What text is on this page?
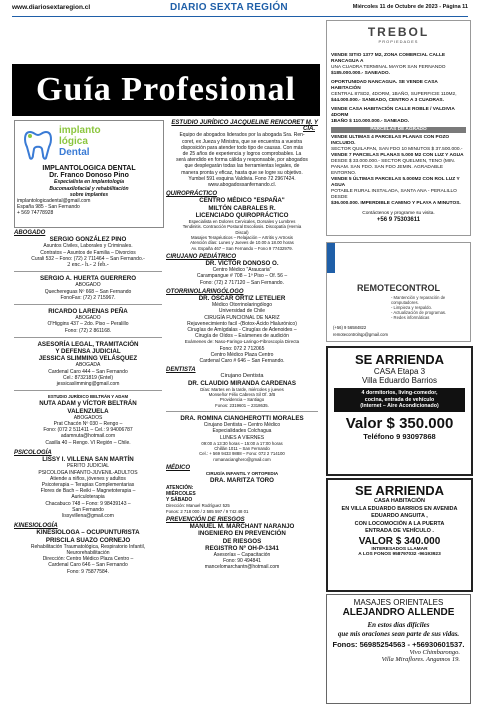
www.diariosextaregion.cl	DIARIO SEXTA REGIÓN	Miércoles 11 de Octubre de 2023 - Página 11
Guía Profesional
implanto
lógica
Dental
IMPLANTOLOGICA DENTAL
Dr. Franco Donoso Pino
Especialista en implantología
Bucomaxilofacial y rehabilitación
sobre implantes
implantologicadental@gmail.com
España 985 - San Fernando
+ 569 74778928
ABOGADO
SERGIO GONZÁLEZ PINO
Asuntos Civiles, Laborales y Criminales.
Contratos – Asuntos de Familia – Divorcios
Curali 532 – Fono: (72) 2 711464 – San Fernando.-
2 enc.- h.- 2 feb.-
SERGIO A. HUERTA GUERRERO
ABOGADO
Quechereguas Nº 668 – San Fernando
FonoFax: (72) 2 715967.
RICARDO LARENAS PEÑA
ABOGADO
O'Higgins 437 – 2do. Piso – Peralillo
Fono: (72) 2 861168.
ASESORÍA LEGAL, TRAMITACIÓN
Y DEFENSA JUDICIAL
JESSICA SLIMMING VELÁSQUEZ
ABOGADA
Cardenal Caro 444 – San Fernando
Cel.: 87321819 (Entel)
jessicaslimming@gmail.com
ESTUDIO JURÍDICO BELTRÁN Y ADAM
NUTA ADAM y VÍCTOR BELTRÁN
VALENZUELA
ABOGADOS
Prat Chacón Nº 030 – Rengo –
Fono: (072 2 511411 – Cel.: 9 94006787
adamnuta@hotmail.com
Casilla 40 – Rengo. VI Región – Chile.
PSICOLOGÍA
LISSY I. VILLENA SAN MARTÍN
PERITO JUDICIAL
PSICOLOGA INFANTO-JUVENIL-ADULTOS
Atiende a niños, jóvenes y adultos
Psicoterapia – Terapias Complementarias
Flores de Bach – Reiki – Magnetoterapia –
Auriculoterapia
Chacabuco 748 – Fono: 9 98439143 –
San Fernando
lissyvillena@gmail.com
KINESIOLOGÍA
KINESIOLOGA – OCUPUNTURISTA
PRISCILA SUAZO CORNEJO
Rehabilitación Traumatológica, Respiratorio Infantil,
Neurorehabilitación
Dirección: Centro Médico Plaza Centro –
Cardenal Caro 646 – San Fernando
Fono: 9 75877584.
ESTUDIO JURÍDICO JACQUELINE RENCORET M. Y CÍA.
Equipo de abogados liderados por la abogada Sra. Ren-
coret, ex Jueza y Ministra, que se encuentra a vuestra
disposición para atender todo tipo de causas. Con más
de 25 años de experiencia y logros comprobables. La
será atendido en forma cálida y responsable, por abogados
que desplegarán todas las herramientas legales, de
manera pronta y eficaz, hasta que se logre su objetivo.
Yumbel 591 esquina Valdivia. Fono 72 2967424.
www.abogadossanfernando.cl.
QUIROPRÁCTICO
CENTRO MÉDICO "ESPAÑA"
MILTÓN CABRALES R.
LICENCIADO QUIROPRÁCTICO
Especialista en Dolores Cervicales, Dorsales y Lumbres
Tendinitis. Contracción Postural Escoliosis. Discopatía (Hernia
Discal)
Masajes Terapéuticos – Relajación – Artritis y Artrosis
Atención días: Lunes y Jueves de 10.00 a 18.00 horas
Av. España 467 – San Fernando – Fono 9 77432979.
CIRUJANO PEDIÁTRICO
DR. VÍCTOR DONOSO O.
Centro Médico "Araucaria"
Carampangue # 708 – 1º Piso – Of. 56 –
Fono: (72) 2 717120 – San Fernando.
OTORRINOLARINGÓLOGO
DR. ÓSCAR ORTIZ LETELIER
Médico Otorrinolaringólogo
Universidad de Chile
CIRUGÍA FUNCIONAL DE NARIZ
Rejuvenecimiento facil -(Botox-Ácido Hialurónico)
Cirugías de Amígdalas - Cirugías de Adenoides –
Cirugía de Oídos – Exámenes de audición
Exámenes de: Naso-Faringo-Laringo-Fibroscopía Directa
Fono: 072 2 712065
Centro Médico Plaza Centro
Cardenal Caro # 646 – San Fernando.
DENTISTA
Cirujano Dentista
DR. CLAUDIO MIRANDA CARDENAS
Días: Martes en la tarde, miércoles y jueves
Monseñor Félix Cabrera Sil Of. 3/B
Providencia – Santiago
Fonos: 2319601 – 2318635.
DRA. ROMINA CIANGHEROTTI MORALES
Cirujano Dentista – Centro Médico
Especialidades Colchagua
LUNES A VIERNES
09:00 a 13:30 horas – 15:00 a 17:00 horas
Chillán 1011 – San Fernando
Cel.: + 569 9433 9888 – Fono: 072 2 714100
romanacianghero@gmail.com
MÉDICO
CIRUGÍA INFANTIL Y ORTOPEDIA
DRA. MARITZA TORO
ATENCIÓN:
MIÉRCOLES
Y SÁBADO
Dirección: Manuel Rodríguez 525
Fonos: 2 718 000 / 2 585 597 / 9 742 48 01
PREVENCIÓN DE RIESGOS
MANUEL M. MARCHANT NARANJO
INGENIERO EN PREVENCIÓN
DE RIESGOS
REGISTRO Nº OH-P-1341
Asesorías – Capacitación
Fono: 90 494841
mancelomarchantn@hotmail.com
TREBOL
PROPIEDADES
VENDE SITIO 1377 M2, ZONA COMERCIAL CALLE RANCAGUA A
UNA CUADRA TERMINAL MAYOR SAN FERNANDO
$185.000.000.- SANEADO.
OPORTUNIDAD NANCAGUA. SE VENDE CASA HABITACIÓN
CENTRAL 87SD2, 4DORM, 1BAÑO, SUPERFICIE 110M2,
$44.000.000.- SANEADO, CENTRO A 3 CUADRAS.
VENDE CASA HABITACIÓN CALLE ROBLE / VALDIVIA 4DORM
1BAÑO $ 110.000.000.- SANEADO.
PARCELAS DE AGRADO
VENDE ULTIMAS 4 PARCELAS PLANAS CON POZO INCLUIDO.
SECTOR QUILAPAN, SAN FDO 10 MINUTOS $ 37.500.000.-
VENDE 7 PARCELAS PLANAS 5.000 M2 CON LUZ Y AGUA
DESDE $ 33.000.000.- SECTOR QUELMEN, TENO (MIN.
PANAM. SAN FDO. SAN FDO JEMIN. AGRADABLE ENTORNO.
VENDE 5 ÚLTIMAS PARCELAS 5.000M2 CON ROL LUZ Y AGUA
POTABLE RURAL INSTALADA, SANTA ANA - PERALILLO DESDE
$36.000.000. IMPERDIBLE CAMINO Y PLAYA A MINUTOS.
Contáctenos y programe su visita.
+56 9 75303611
REMOTECONTROL
- Mantención y reparación de computadores.
- Limpieza y respaldo.
- Actualización de programas.
- Redes informáticas
(+56) 9 56584822
remotecontrolrqp@gmail.com
SE ARRIENDA
CASA Etapa 3
Villa Eduardo Barrios
4 dormitorios, living-comedor,
cocina, entrada de vehículo
(Internet – Aire Acondicionado)
Valor $ 350.000
Teléfono 9 93097868
SE ARRIENDA
CASA HABITACIÓN
EN VILLA EDUARDO BARRIOS EN AVENIDA
EDUARDO ANGUITA ,
CON LOCOMOCIÓN A LA PUERTA
ENTRADA DE VEHÍCULO .
VALOR $ 340.000
INTERESADOS LLAMAR
A LOS FONOS 958797032 -96193923
MASAJES ORIENTALES
ALEJANDRO ALLENDE
En estos días difíciles
que mis oraciones sean parte de sus vidas.
Fonos: 56985254563 - +56930601537.
Vivo Chimbarongo.
Villa Miraflores. Angamos 19.
